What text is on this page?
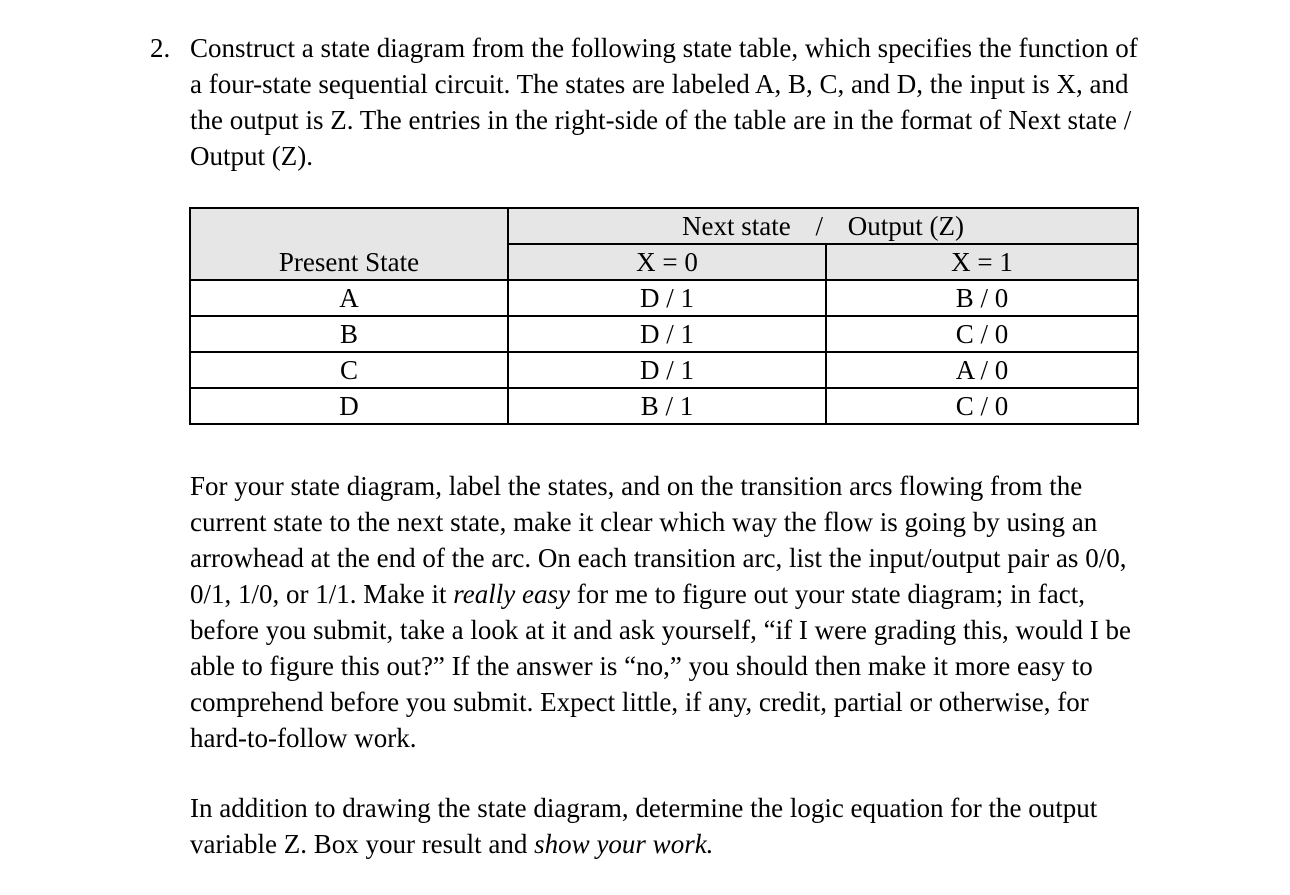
2. Construct a state diagram from the following state table, which specifies the function of a four-state sequential circuit. The states are labeled A, B, C, and D, the input is X, and the output is Z. The entries in the right-side of the table are in the format of Next state / Output (Z).
Present State	Next state / Output (Z)	
	X = 0	X = 1
A	D / 1	B / 0
B	D / 1	C / 0
C	D / 1	A / 0
D	B / 1	C / 0
For your state diagram, label the states, and on the transition arcs flowing from the current state to the next state, make it clear which way the flow is going by using an arrowhead at the end of the arc. On each transition arc, list the input/output pair as 0/0, 0/1, 1/0, or 1/1. Make it really easy for me to figure out your state diagram; in fact, before you submit, take a look at it and ask yourself, “if I were grading this, would I be able to figure this out?” If the answer is “no,” you should then make it more easy to comprehend before you submit. Expect little, if any, credit, partial or otherwise, for hard-to-follow work.
In addition to drawing the state diagram, determine the logic equation for the output variable Z. Box your result and show your work.
